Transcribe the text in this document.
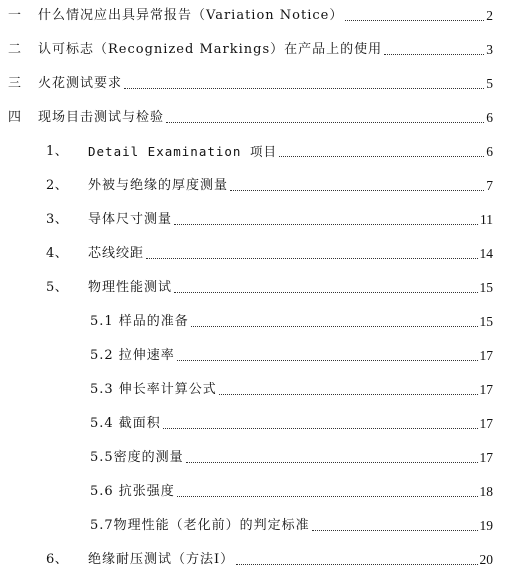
一	什么情况应出具异常报告（Variation Notice）	2
二	认可标志（Recognized Markings）在产品上的使用	3
三	火花测试要求	5
四	现场目击测试与检验	6
1、	Detail Examination 项目	6
2、	外被与绝缘的厚度测量	7
3、	导体尺寸测量	11
4、	芯线绞距	14
5、	物理性能测试	15
5.1 样品的准备	15
5.2 拉伸速率	17
5.3 伸长率计算公式	17
5.4 截面积	17
5.5密度的测量	17
5.6 抗张强度	18
5.7物理性能（老化前）的判定标准	19
6、	绝缘耐压测试（方法I）	20
